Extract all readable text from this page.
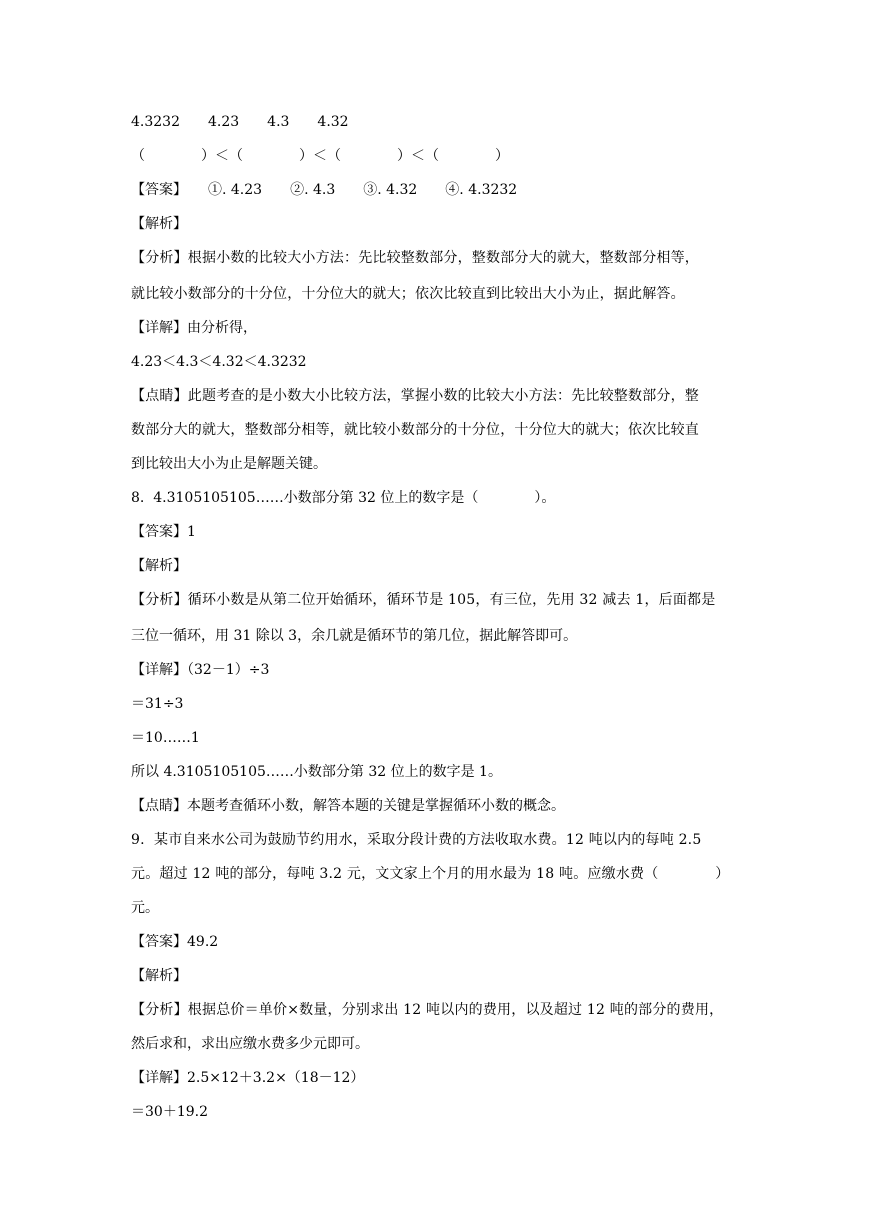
4.3232　　4.23　　4.3　　4.32
（　　　　）＜（　　　　）＜（　　　　）＜（　　　　）
【答案】　　①. 4.23　　②. 4.3　　③. 4.32　　④. 4.3232
【解析】
【分析】根据小数的比较大小方法：先比较整数部分，整数部分大的就大，整数部分相等，
就比较小数部分的十分位，十分位大的就大；依次比较直到比较出大小为止，据此解答。
【详解】由分析得，
4.23＜4.3＜4.32＜4.3232
【点睛】此题考查的是小数大小比较方法，掌握小数的比较大小方法：先比较整数部分，整
数部分大的就大，整数部分相等，就比较小数部分的十分位，十分位大的就大；依次比较直
到比较出大小为止是解题关键。
8.  4.3105105105……小数部分第 32 位上的数字是（　　　　）。
【答案】1
【解析】
【分析】循环小数是从第二位开始循环，循环节是 105，有三位，先用 32 减去 1，后面都是
三位一循环，用 31 除以 3，余几就是循环节的第几位，据此解答即可。
【详解】（32－1）÷3
＝31÷3
＝10……1
所以 4.3105105105……小数部分第 32 位上的数字是 1。
【点睛】本题考查循环小数，解答本题的关键是掌握循环小数的概念。
9.  某市自来水公司为鼓励节约用水，采取分段计费的方法收取水费。12 吨以内的每吨 2.5
元。超过 12 吨的部分，每吨 3.2 元，文文家上个月的用水最为 18 吨。应缴水费（　　　　）
元。
【答案】49.2
【解析】
【分析】根据总价＝单价×数量，分别求出 12 吨以内的费用，以及超过 12 吨的部分的费用，
然后求和，求出应缴水费多少元即可。
【详解】2.5×12＋3.2×（18－12）
＝30＋19.2
